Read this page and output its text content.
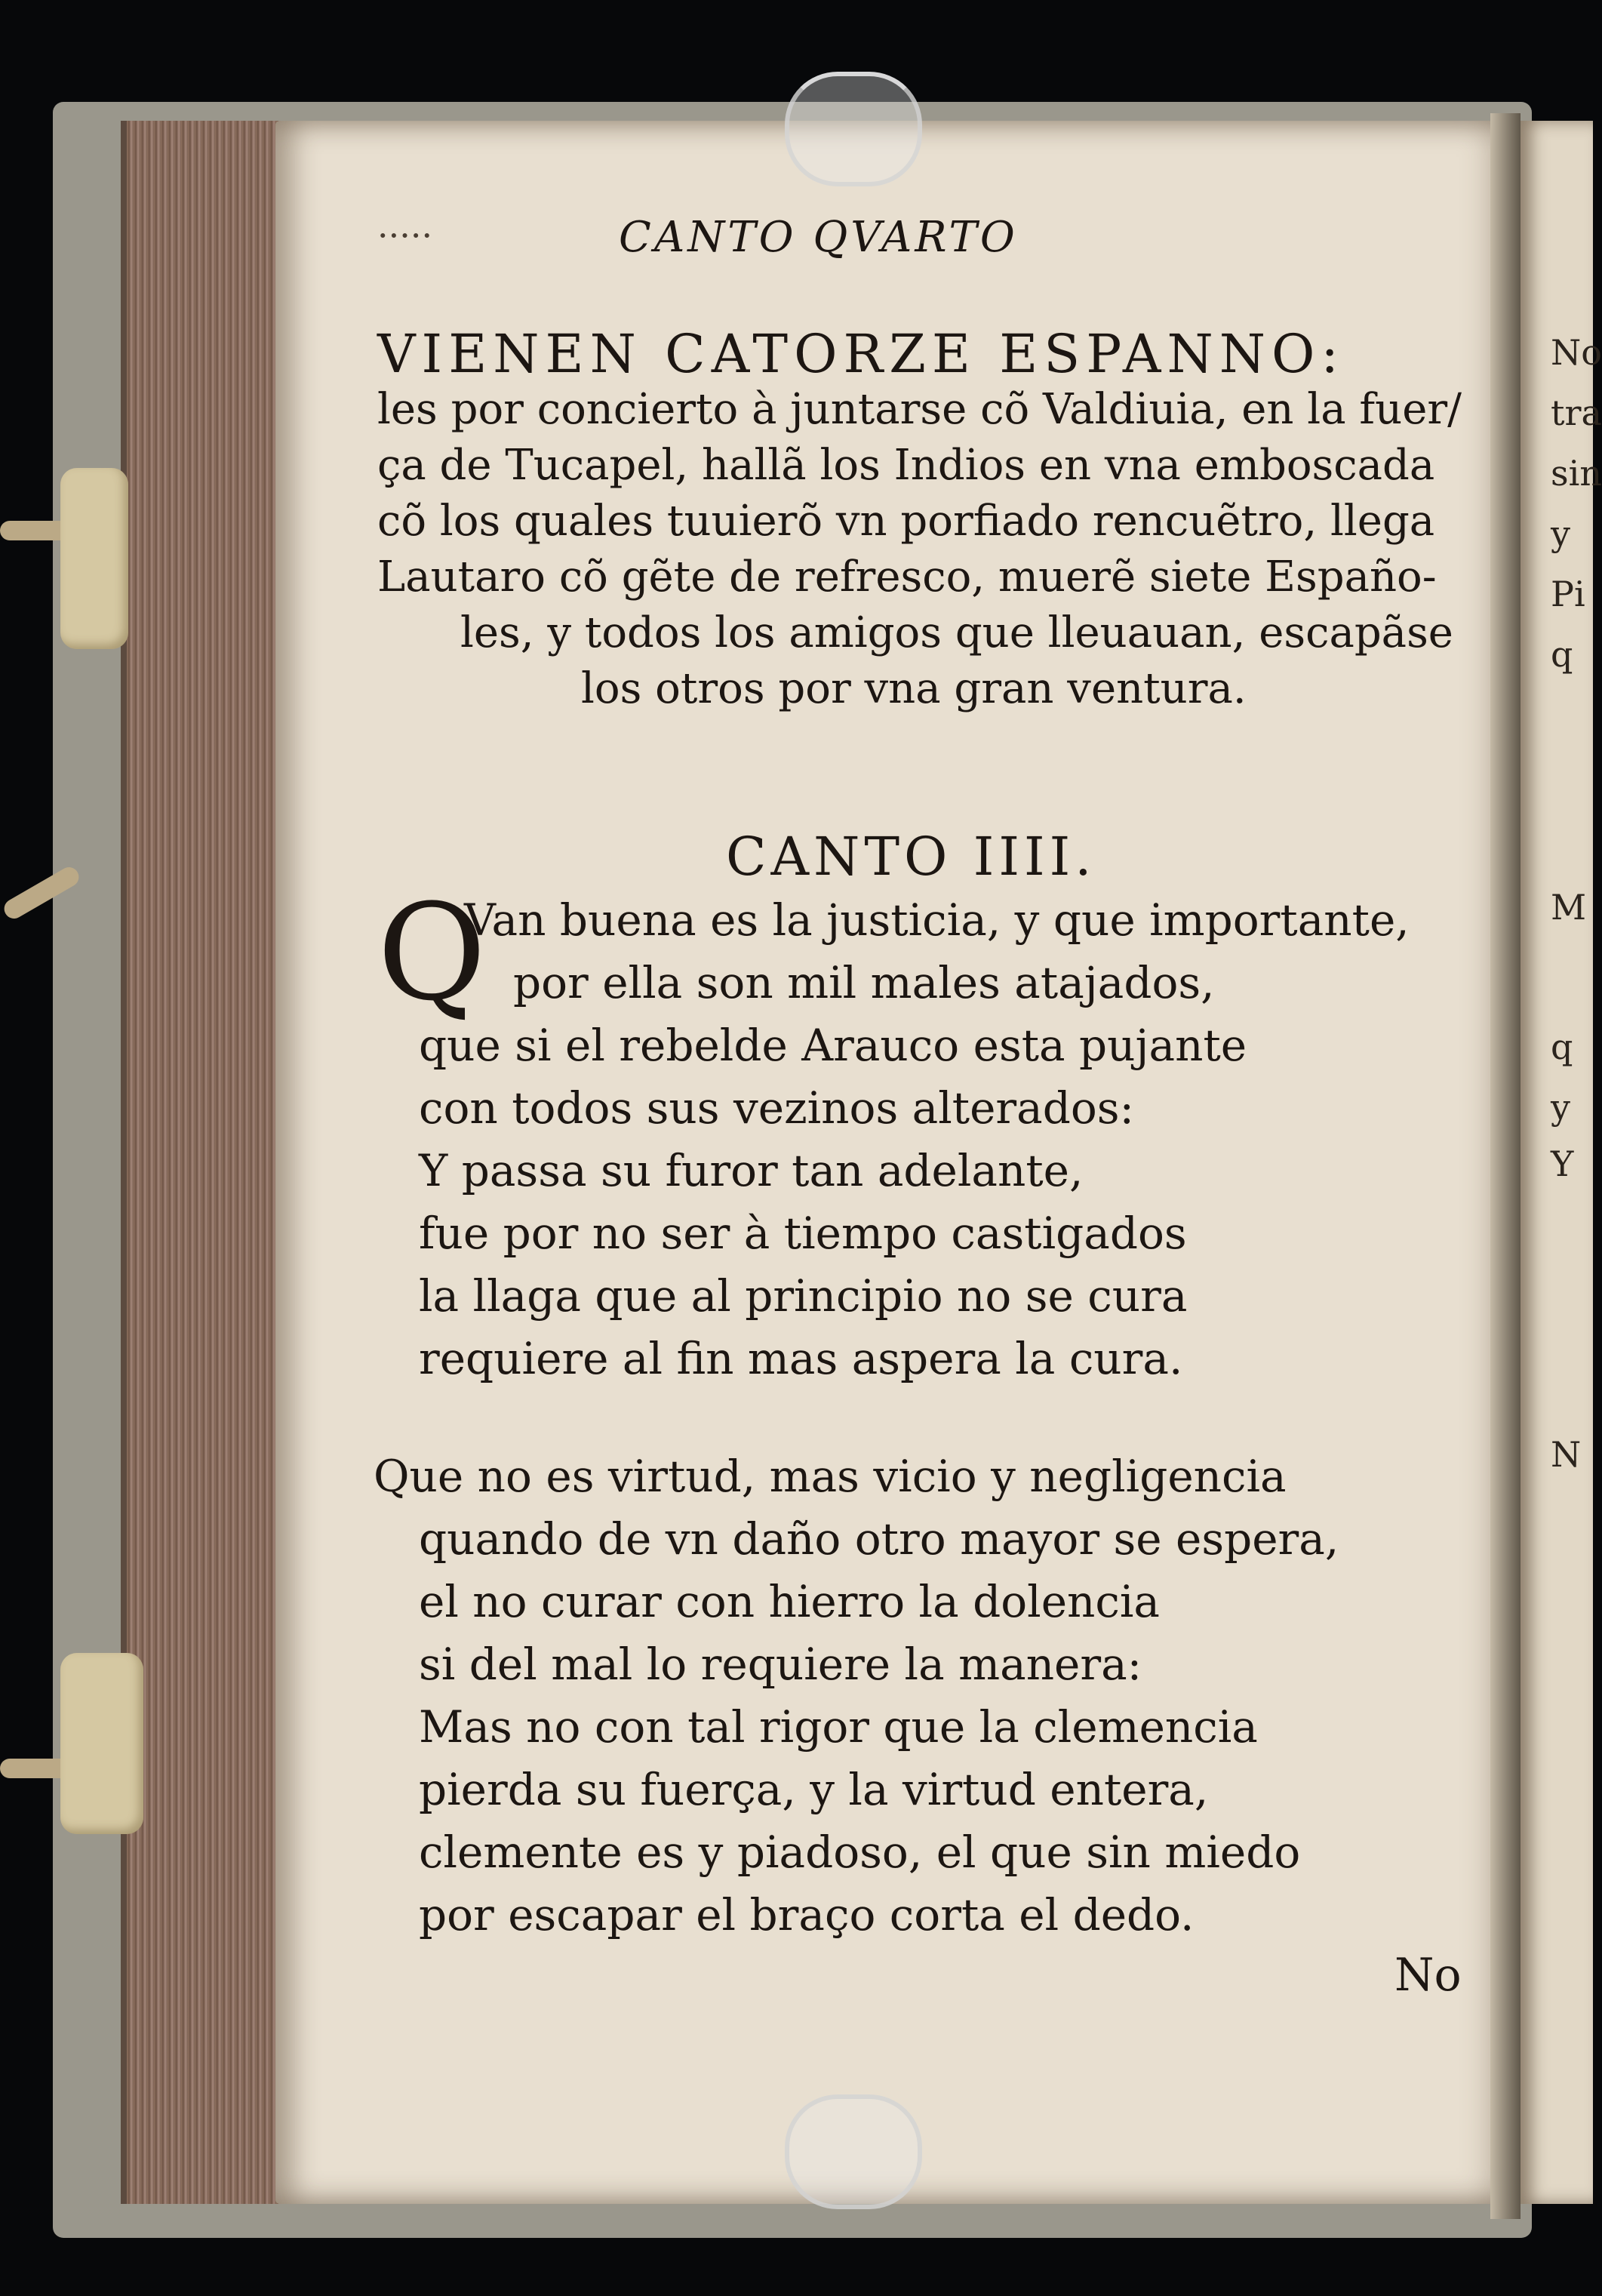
·····	CANTO QVARTO

VIENEN CATORZE ESPANNO:

les por concierto à juntarse cõ Valdiuia, en la fuer/

ça de Tucapel, hallã los Indios en vna emboscada

cõ los quales tuuierõ vn porfiado rencuẽtro, llega

Lautaro cõ gẽte de refresco, muerẽ siete Españo-

les, y todos los amigos que lleuauan, escapãse

los otros por vna gran ventura.

CANTO IIII.

Q

Van buena es la justicia, y que importante,

por ella son mil males atajados,

que si el rebelde Arauco esta pujante

con todos sus vezinos alterados:

Y passa su furor tan adelante,

fue por no ser à tiempo castigados

la llaga que al principio no se cura

requiere al fin mas aspera la cura.

Que no es virtud, mas vicio y negligencia

quando de vn daño otro mayor se espera,

el no curar con hierro la dolencia

si del mal lo requiere la manera:

Mas no con tal rigor que la clemencia

pierda su fuerça, y la virtud entera,

clemente es y piadoso, el que sin miedo

por escapar el braço corta el dedo.

No

No

tra

sin

y

Pi

q

M

q

y

Y

N
